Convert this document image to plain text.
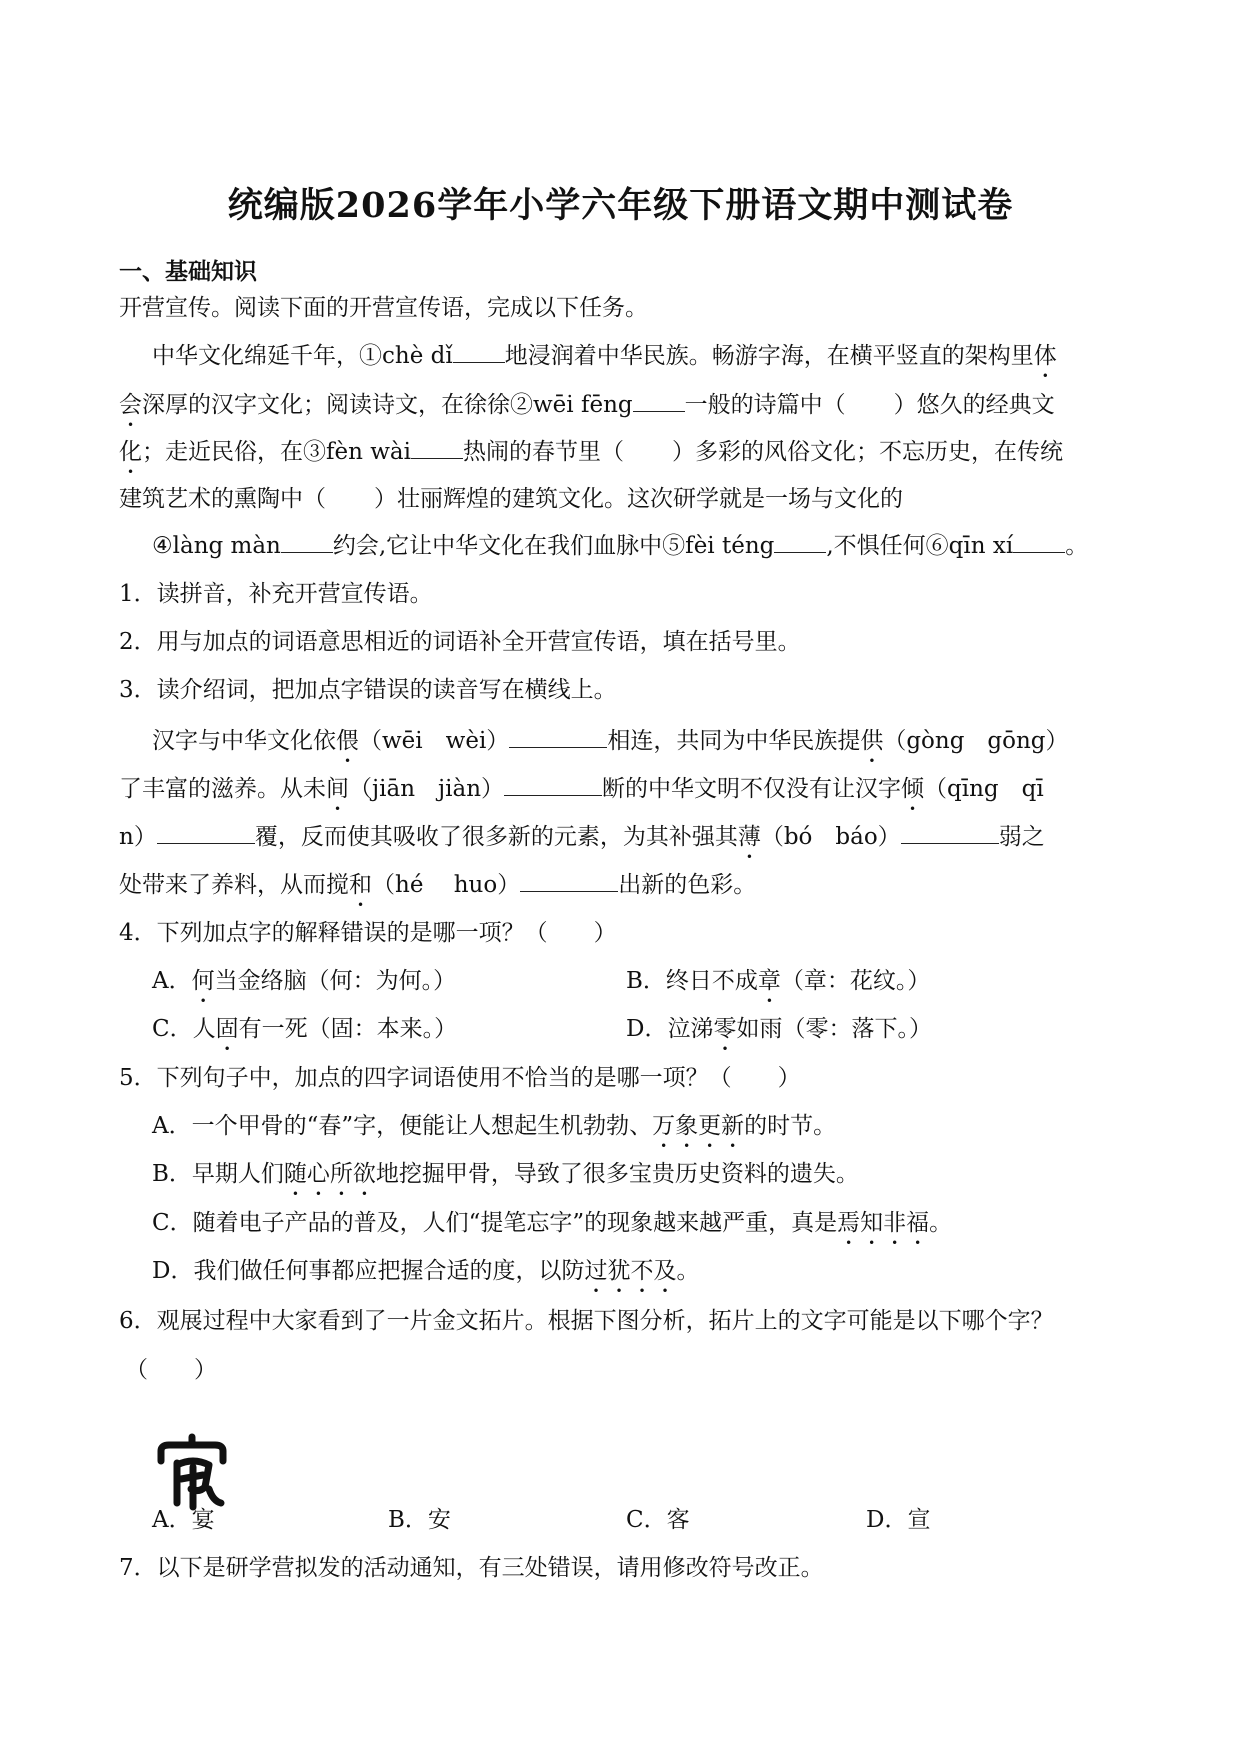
统编版2026学年小学六年级下册语文期中测试卷
一、基础知识
开营宣传。阅读下面的开营宣传语，完成以下任务。
中华文化绵延千年，①chè dǐ 地浸润着中华民族。畅游字海，在横平竖直的架构里体
会深厚的汉字文化；阅读诗文，在徐徐②wēi fēng 一般的诗篇中（ ）悠久的经典文
化；走近民俗，在③fèn wài 热闹的春节里（ ）多彩的风俗文化；不忘历史，在传统
建筑艺术的熏陶中（ ）壮丽辉煌的建筑文化。这次研学就是一场与文化的
④làng màn 约会,它让中华文化在我们血脉中⑤fèi téng ,不惧任何⑥qīn xí 。
1．读拼音，补充开营宣传语。
2．用与加点的词语意思相近的词语补全开营宣传语，填在括号里。
3．读介绍词，把加点字错误的读音写在横线上。
汉字与中华文化依偎（wēi　wèi）	相连，共同为中华民族提供（gòng　gōng）
了丰富的滋养。从未间（jiān　jiàn）	断的中华文明不仅没有让汉字倾（qīng　qī
n）	覆，反而使其吸收了很多新的元素，为其补强其薄（bó　báo）	弱之
处带来了养料，从而搅和（hé　 huo）	出新的色彩。
4．下列加点字的解释错误的是哪一项？（　　）
A．何当金络脑（何：为何。）	B．终日不成章（章：花纹。）
C．人固有一死（固：本来。）	D．泣涕零如雨（零：落下。）
5．下列句子中，加点的四字词语使用不恰当的是哪一项？（　　）
A．一个甲骨的“春”字，便能让人想起生机勃勃、万象更新的时节。
B．早期人们随心所欲地挖掘甲骨，导致了很多宝贵历史资料的遗失。
C．随着电子产品的普及，人们“提笔忘字”的现象越来越严重，真是焉知非福。
D．我们做任何事都应把握合适的度，以防过犹不及。
6．观展过程中大家看到了一片金文拓片。根据下图分析，拓片上的文字可能是以下哪个字？
（　　）
A．宴	B．安	C．客	D．宣
7．以下是研学营拟发的活动通知，有三处错误，请用修改符号改正。
